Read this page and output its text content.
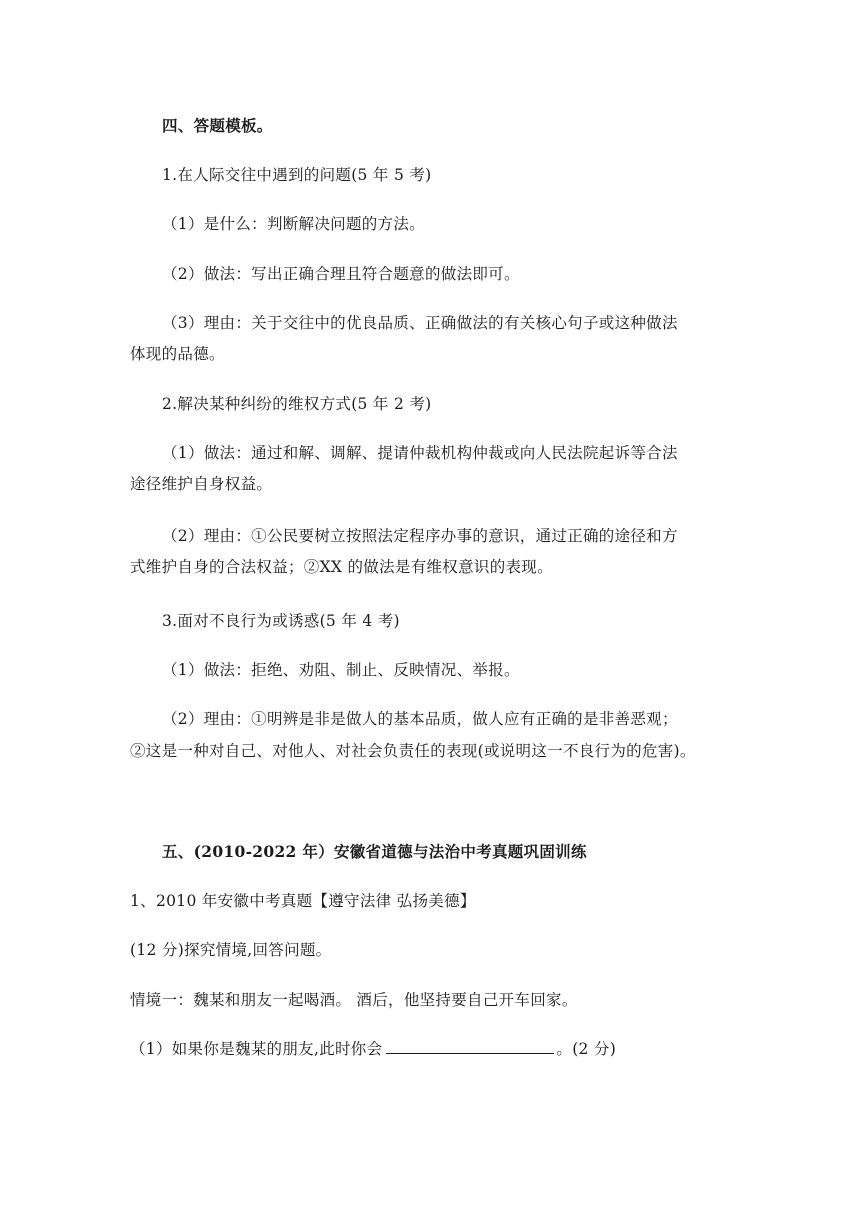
四、答题模板。
1.在人际交往中遇到的问题(5 年 5 考)
（1）是什么：判断解决问题的方法。
（2）做法：写出正确合理且符合题意的做法即可。
（3）理由：关于交往中的优良品质、正确做法的有关核心句子或这种做法
体现的品德。
2.解决某种纠纷的维权方式(5 年 2 考)
（1）做法：通过和解、调解、提请仲裁机构仲裁或向人民法院起诉等合法
途径维护自身权益。
（2）理由：①公民要树立按照法定程序办事的意识，通过正确的途径和方
式维护自身的合法权益；②XX 的做法是有维权意识的表现。
3.面对不良行为或诱惑(5 年 4 考)
（1）做法：拒绝、劝阻、制止、反映情况、举报。
（2）理由：①明辨是非是做人的基本品质，做人应有正确的是非善恶观；
②这是一种对自己、对他人、对社会负责任的表现(或说明这一不良行为的危害)。
五、(2010-2022 年）安徽省道德与法治中考真题巩固训练
1、2010 年安徽中考真题【遵守法律 弘扬美德】
(12 分)探究情境,回答问题。
情境一：魏某和朋友一起喝酒。 酒后，他坚持要自己开车回家。
（1）如果你是魏某的朋友,此时你会	。(2 分)
